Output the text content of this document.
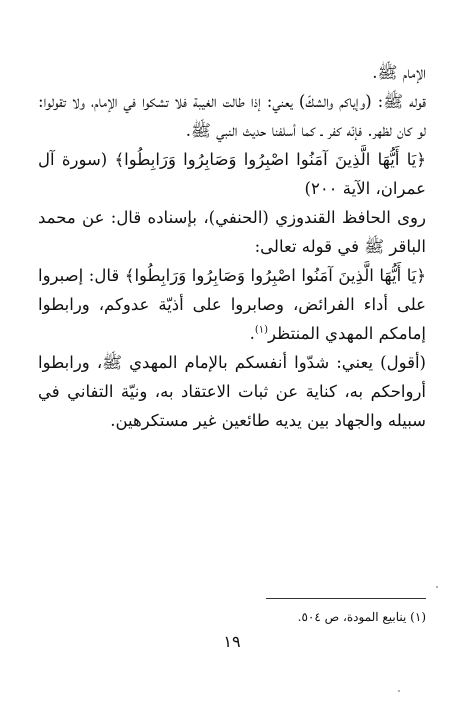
الإمام ﷺ.

قوله ﷺ: (وإياكم والشكّ) يعني: إذا طالت الغيبة فلا تشكوا في الإمام، ولا تقولوا: لو كان لظهر. فإنّه كفر ـ كما أسلفنا حديث النبي ﷺ.

﴿يَا أَيُّهَا الَّذِينَ آمَنُوا اصْبِرُوا وَصَابِرُوا وَرَابِطُوا﴾ (سورة آل عمران، الآية ٢٠٠)

روى الحافظ القندوزي (الحنفي)، بإسناده قال: عن محمد الباقر ﷺ في قوله تعالى:

﴿يَا أَيُّهَا الَّذِينَ آمَنُوا اصْبِرُوا وَصَابِرُوا وَرَابِطُوا﴾ قال: إصبروا على أداء الفرائض، وصابروا على أذيّة عدوكم، ورابطوا إمامكم المهدي المنتظر$^{(١)}$.

(أقول) يعني: شدّوا أنفسكم بالإمام المهدي ﷺ، ورابطوا أرواحكم به، كناية عن ثبات الاعتقاد به، ونيّة التفاني في سبيله والجهاد بين يديه طائعين غير مستكرهين.

(١) ينابيع المودة، ص ٥٠٤.
١٩
